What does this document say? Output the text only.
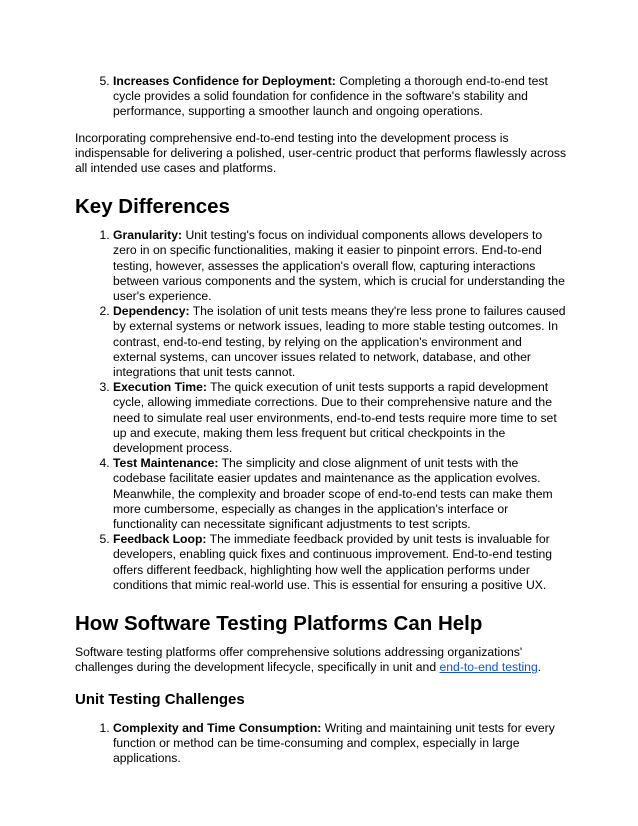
5. Increases Confidence for Deployment: Completing a thorough end-to-end test cycle provides a solid foundation for confidence in the software's stability and performance, supporting a smoother launch and ongoing operations.

Incorporating comprehensive end-to-end testing into the development process is indispensable for delivering a polished, user-centric product that performs flawlessly across all intended use cases and platforms.

Key Differences
1. Granularity: Unit testing's focus on individual components allows developers to zero in on specific functionalities, making it easier to pinpoint errors. End-to-end testing, however, assesses the application's overall flow, capturing interactions between various components and the system, which is crucial for understanding the user's experience.
2. Dependency: The isolation of unit tests means they're less prone to failures caused by external systems or network issues, leading to more stable testing outcomes. In contrast, end-to-end testing, by relying on the application's environment and external systems, can uncover issues related to network, database, and other integrations that unit tests cannot.
3. Execution Time: The quick execution of unit tests supports a rapid development cycle, allowing immediate corrections. Due to their comprehensive nature and the need to simulate real user environments, end-to-end tests require more time to set up and execute, making them less frequent but critical checkpoints in the development process.
4. Test Maintenance: The simplicity and close alignment of unit tests with the codebase facilitate easier updates and maintenance as the application evolves. Meanwhile, the complexity and broader scope of end-to-end tests can make them more cumbersome, especially as changes in the application's interface or functionality can necessitate significant adjustments to test scripts.
5. Feedback Loop: The immediate feedback provided by unit tests is invaluable for developers, enabling quick fixes and continuous improvement. End-to-end testing offers different feedback, highlighting how well the application performs under conditions that mimic real-world use. This is essential for ensuring a positive UX.
How Software Testing Platforms Can Help

Software testing platforms offer comprehensive solutions addressing organizations' challenges during the development lifecycle, specifically in unit and end-to-end testing.

Unit Testing Challenges
1. Complexity and Time Consumption: Writing and maintaining unit tests for every function or method can be time-consuming and complex, especially in large applications.
